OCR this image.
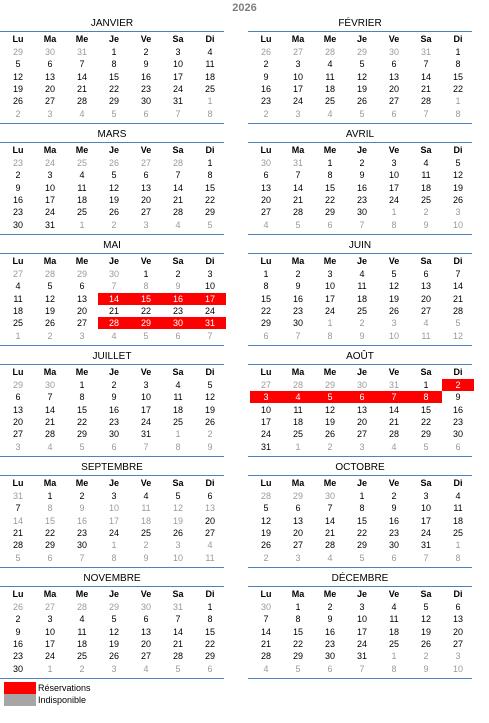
2026
JANVIER
Lu	Ma	Me	Je	Ve	Sa	Di
29	30	31	1	2	3	4
5	6	7	8	9	10	11
12	13	14	15	16	17	18
19	20	21	22	23	24	25
26	27	28	29	30	31	1
2	3	4	5	6	7	8
FÉVRIER
Lu	Ma	Me	Je	Ve	Sa	Di
26	27	28	29	30	31	1
2	3	4	5	6	7	8
9	10	11	12	13	14	15
16	17	18	19	20	21	22
23	24	25	26	27	28	1
2	3	4	5	6	7	8
MARS
Lu	Ma	Me	Je	Ve	Sa	Di
23	24	25	26	27	28	1
2	3	4	5	6	7	8
9	10	11	12	13	14	15
16	17	18	19	20	21	22
23	24	25	26	27	28	29
30	31	1	2	3	4	5
AVRIL
Lu	Ma	Me	Je	Ve	Sa	Di
30	31	1	2	3	4	5
6	7	8	9	10	11	12
13	14	15	16	17	18	19
20	21	22	23	24	25	26
27	28	29	30	1	2	3
4	5	6	7	8	9	10
MAI
Lu	Ma	Me	Je	Ve	Sa	Di
27	28	29	30	1	2	3
4	5	6	7	8	9	10
11	12	13	14	15	16	17
18	19	20	21	22	23	24
25	26	27	28	29	30	31
1	2	3	4	5	6	7
JUIN
Lu	Ma	Me	Je	Ve	Sa	Di
1	2	3	4	5	6	7
8	9	10	11	12	13	14
15	16	17	18	19	20	21
22	23	24	25	26	27	28
29	30	1	2	3	4	5
6	7	8	9	10	11	12
JUILLET
Lu	Ma	Me	Je	Ve	Sa	Di
29	30	1	2	3	4	5
6	7	8	9	10	11	12
13	14	15	16	17	18	19
20	21	22	23	24	25	26
27	28	29	30	31	1	2
3	4	5	6	7	8	9
AOÛT
Lu	Ma	Me	Je	Ve	Sa	Di
27	28	29	30	31	1	2
3	4	5	6	7	8	9
10	11	12	13	14	15	16
17	18	19	20	21	22	23
24	25	26	27	28	29	30
31	1	2	3	4	5	6
SEPTEMBRE
Lu	Ma	Me	Je	Ve	Sa	Di
31	1	2	3	4	5	6
7	8	9	10	11	12	13
14	15	16	17	18	19	20
21	22	23	24	25	26	27
28	29	30	1	2	3	4
5	6	7	8	9	10	11
OCTOBRE
Lu	Ma	Me	Je	Ve	Sa	Di
28	29	30	1	2	3	4
5	6	7	8	9	10	11
12	13	14	15	16	17	18
19	20	21	22	23	24	25
26	27	28	29	30	31	1
2	3	4	5	6	7	8
NOVEMBRE
Lu	Ma	Me	Je	Ve	Sa	Di
26	27	28	29	30	31	1
2	3	4	5	6	7	8
9	10	11	12	13	14	15
16	17	18	19	20	21	22
23	24	25	26	27	28	29
30	1	2	3	4	5	6
DÉCEMBRE
Lu	Ma	Me	Je	Ve	Sa	Di
30	1	2	3	4	5	6
7	8	9	10	11	12	13
14	15	16	17	18	19	20
21	22	23	24	25	26	27
28	29	30	31	1	2	3
4	5	6	7	8	9	10
Réservations
Indisponible
